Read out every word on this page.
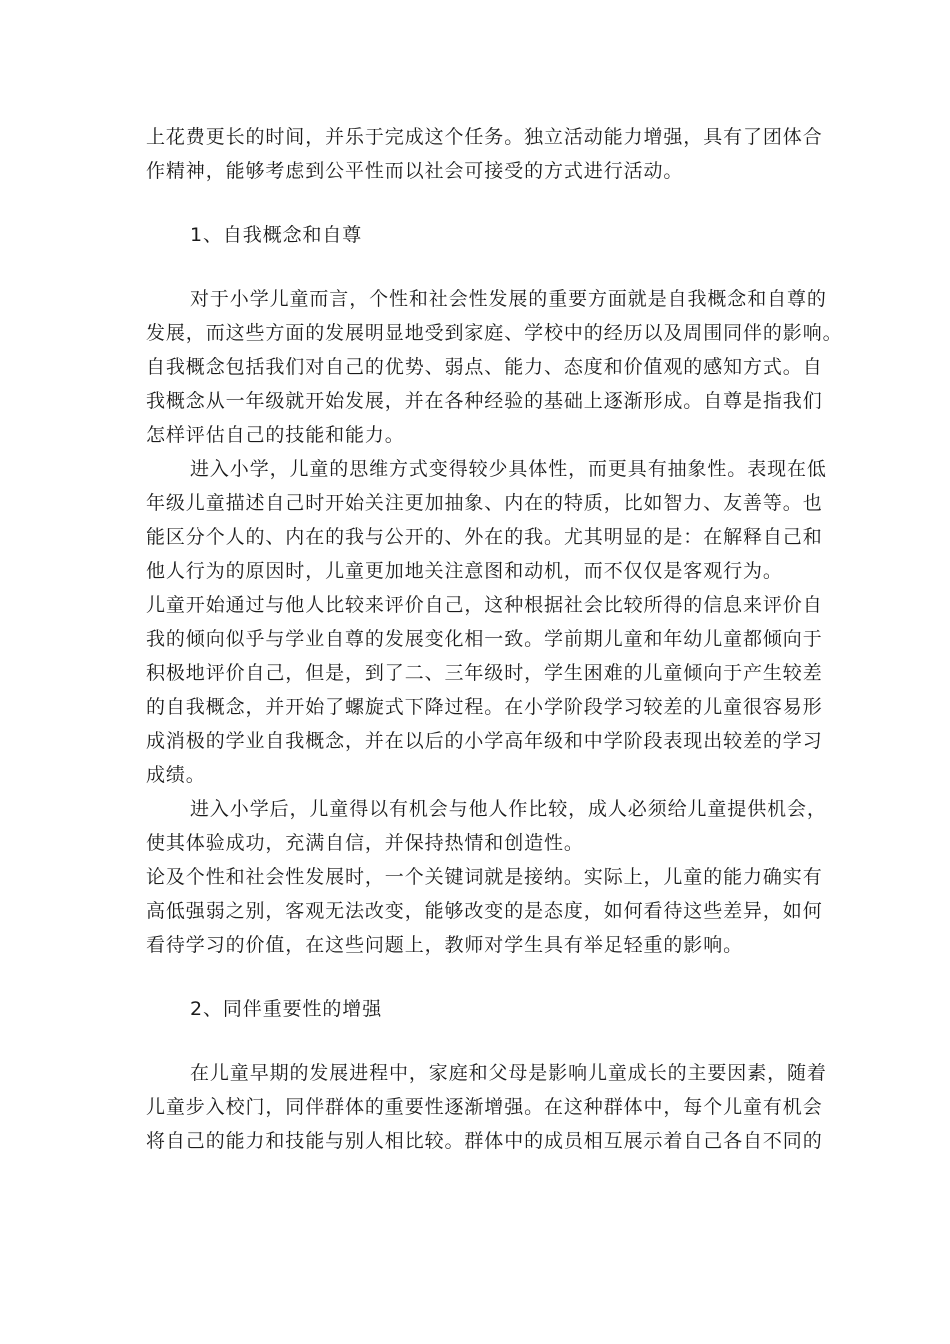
上花费更长的时间，并乐于完成这个任务。独立活动能力增强，具有了团体合
作精神，能够考虑到公平性而以社会可接受的方式进行活动。
1、自我概念和自尊
对于小学儿童而言，个性和社会性发展的重要方面就是自我概念和自尊的
发展，而这些方面的发展明显地受到家庭、学校中的经历以及周围同伴的影响。
自我概念包括我们对自己的优势、弱点、能力、态度和价值观的感知方式。自
我概念从一年级就开始发展，并在各种经验的基础上逐渐形成。自尊是指我们
怎样评估自己的技能和能力。
进入小学，儿童的思维方式变得较少具体性，而更具有抽象性。表现在低
年级儿童描述自己时开始关注更加抽象、内在的特质，比如智力、友善等。也
能区分个人的、内在的我与公开的、外在的我。尤其明显的是：在解释自己和
他人行为的原因时，儿童更加地关注意图和动机，而不仅仅是客观行为。
儿童开始通过与他人比较来评价自己，这种根据社会比较所得的信息来评价自
我的倾向似乎与学业自尊的发展变化相一致。学前期儿童和年幼儿童都倾向于
积极地评价自己，但是，到了二、三年级时，学生困难的儿童倾向于产生较差
的自我概念，并开始了螺旋式下降过程。在小学阶段学习较差的儿童很容易形
成消极的学业自我概念，并在以后的小学高年级和中学阶段表现出较差的学习
成绩。
进入小学后，儿童得以有机会与他人作比较，成人必须给儿童提供机会，
使其体验成功，充满自信，并保持热情和创造性。
论及个性和社会性发展时，一个关键词就是接纳。实际上，儿童的能力确实有
高低强弱之别，客观无法改变，能够改变的是态度，如何看待这些差异，如何
看待学习的价值，在这些问题上，教师对学生具有举足轻重的影响。
2、同伴重要性的增强
在儿童早期的发展进程中，家庭和父母是影响儿童成长的主要因素，随着
儿童步入校门，同伴群体的重要性逐渐增强。在这种群体中，每个儿童有机会
将自己的能力和技能与别人相比较。群体中的成员相互展示着自己各自不同的
